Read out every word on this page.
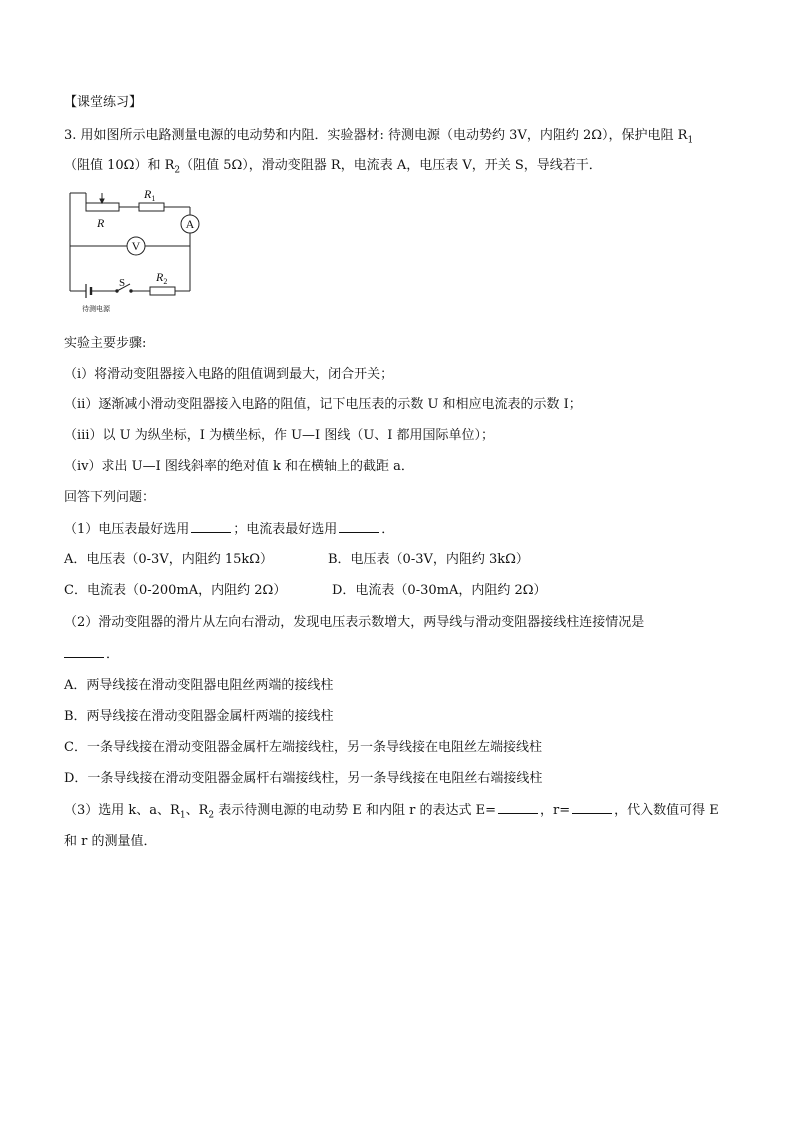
【课堂练习】
3. 用如图所示电路测量电源的电动势和内阻．实验器材: 待测电源（电动势约 3V，内阻约 2Ω），保护电阻 $R_1$
（阻值 10Ω）和 $R_2$（阻值 5Ω），滑动变阻器 R，电流表 A，电压表 V，开关 S，导线若干．
$R_1$
R	A
V
S	$R_2$
待测电源
实验主要步骤:
（ⅰ）将滑动变阻器接入电路的阻值调到最大，闭合开关；
（ⅱ）逐渐减小滑动变阻器接入电路的阻值，记下电压表的示数 U 和相应电流表的示数 I；
（ⅲ）以 U 为纵坐标，I 为横坐标，作 U—I 图线（U、I 都用国际单位）；
（ⅳ）求出 U—I 图线斜率的绝对值 k 和在横轴上的截距 a．
回答下列问题：
（1）电压表最好选用	；电流表最好选用	．
A．电压表（0-3V，内阻约 15kΩ）	B．电压表（0-3V，内阻约 3kΩ）
C．电流表（0-200mA，内阻约 2Ω）	D．电流表（0-30mA，内阻约 2Ω）
（2）滑动变阻器的滑片从左向右滑动，发现电压表示数增大，两导线与滑动变阻器接线柱连接情况是
．
A．两导线接在滑动变阻器电阻丝两端的接线柱
B．两导线接在滑动变阻器金属杆两端的接线柱
C．一条导线接在滑动变阻器金属杆左端接线柱，另一条导线接在电阻丝左端接线柱
D．一条导线接在滑动变阻器金属杆右端接线柱，另一条导线接在电阻丝右端接线柱
（3）选用 k、a、$R_1$、$R_2$ 表示待测电源的电动势 E 和内阻 r 的表达式 E=	，r=	，代入数值可得 E
和 r 的测量值．
